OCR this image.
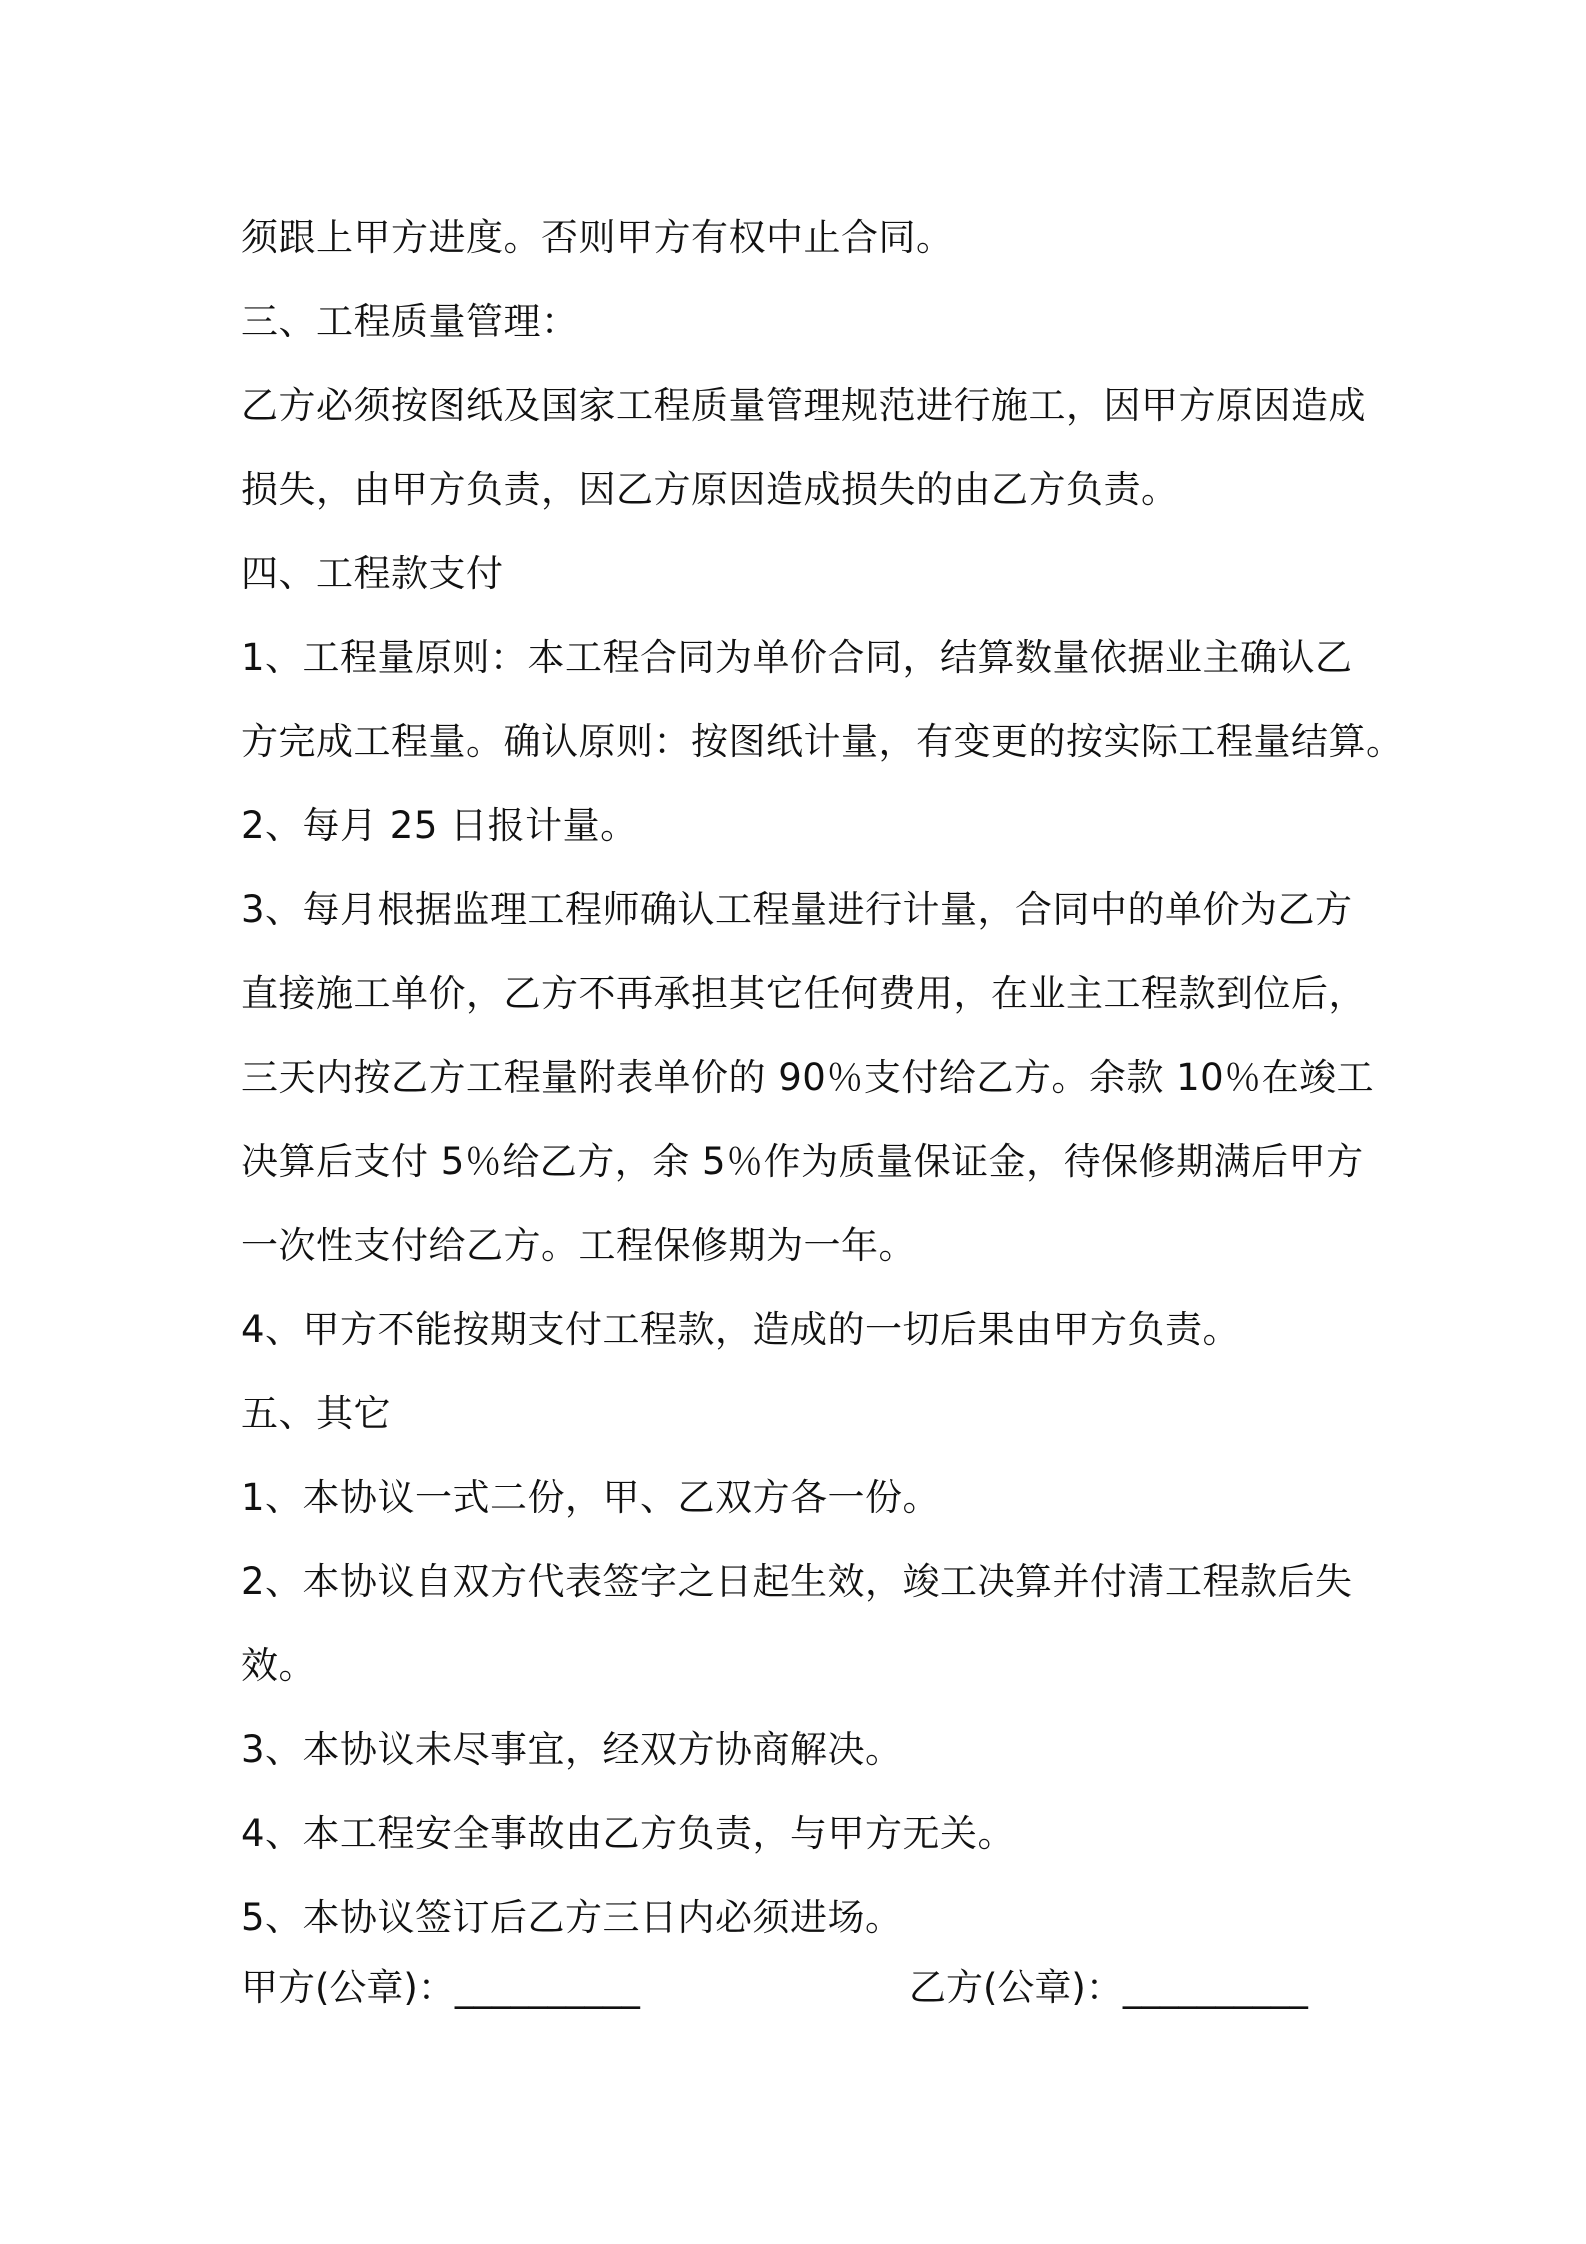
须跟上甲方进度。否则甲方有权中止合同。
三、工程质量管理：
乙方必须按图纸及国家工程质量管理规范进行施工，因甲方原因造成
损失，由甲方负责，因乙方原因造成损失的由乙方负责。
四、工程款支付
1、工程量原则：本工程合同为单价合同，结算数量依据业主确认乙
方完成工程量。确认原则：按图纸计量，有变更的按实际工程量结算。
2、每月 25 日报计量。
3、每月根据监理工程师确认工程量进行计量，合同中的单价为乙方
直接施工单价，乙方不再承担其它任何费用，在业主工程款到位后，
三天内按乙方工程量附表单价的 90％支付给乙方。余款 10％在竣工
决算后支付 5％给乙方，余 5％作为质量保证金，待保修期满后甲方
一次性支付给乙方。工程保修期为一年。
4、甲方不能按期支付工程款，造成的一切后果由甲方负责。
五、其它
1、本协议一式二份，甲、乙双方各一份。
2、本协议自双方代表签字之日起生效，竣工决算并付清工程款后失
效。
3、本协议未尽事宜，经双方协商解决。
4、本工程安全事故由乙方负责，与甲方无关。
5、本协议签订后乙方三日内必须进场。
甲方(公章)：__________	乙方(公章)：__________
